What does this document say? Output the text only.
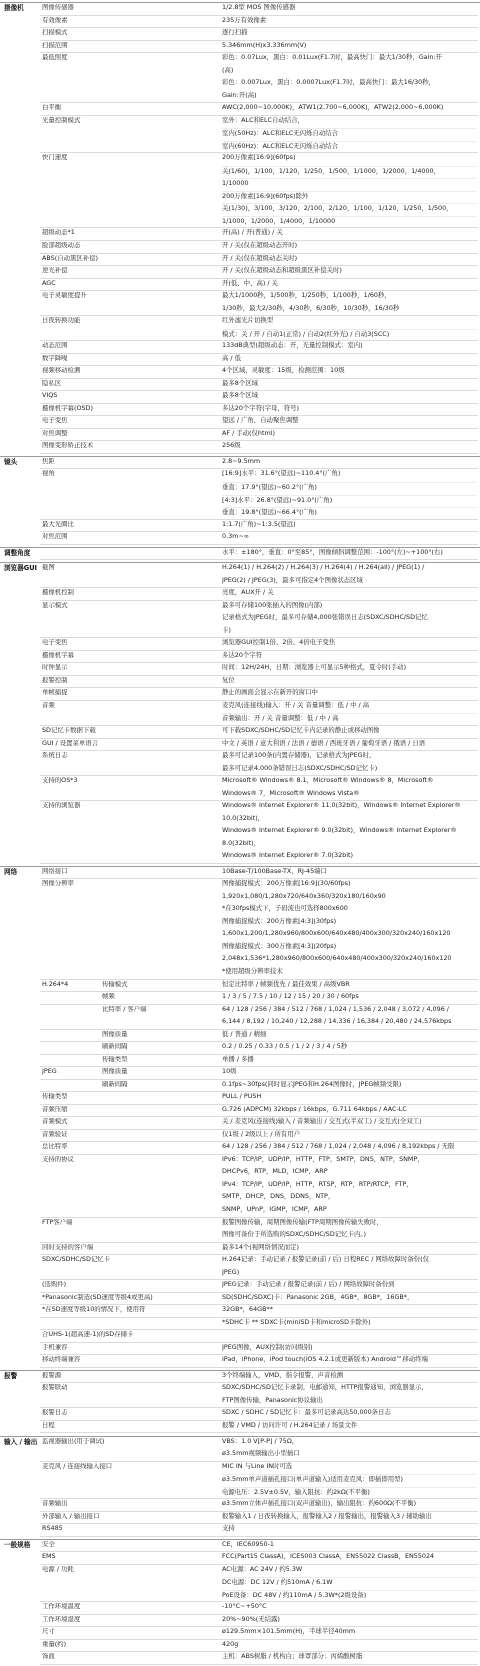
摄像机	图像传感器	1/2.8型 MOS 图像传感器
有效像素	235万有效像素
扫描模式	逐行扫描
扫描范围	5.346mm(H)x3.336mm(V)
最低照度	彩色：0.07Lux，黑白：0.01Lux(F1.7时，最高快门：最大1/30秒，Gain:开
(高)
彩色：0.007Lux，黑白：0.0007Lux(F1.7时，最高快门：最大16/30秒，
Gain:开(高)
白平衡	AWC(2,000~10,000K)，ATW1(2,700~6,000K)，ATW2(2,000~6,000K)
光量控制模式	室外：ALC和ELC自动结合，
室内(50Hz)：ALC和ELC无闪烁自动结合
室内(60Hz)：ALC和ELC无闪烁自动结合
快门速度	200万像素[16:9](60fps)
关(1/60)，1/100，1/120，1/250，1/500，1/1000，1/2000，1/4000，
1/10000
200万像素[16:9](60fps)除外
关(1/30)，3/100，3/120，2/100，2/120，1/100，1/120，1/250，1/500，
1/1000，1/2000，1/4000，1/10000
超级动态*1	开(高) / 开(普通) / 关
脸部超级动态	开 / 关(仅在超级动态开时)
ABS(自动黑区补偿)	开 / 关(仅在超级动态关时)
逆光补偿	开 / 关(仅在超级动态和超级黑区补偿关时)
AGC	开(低、中、高) / 关
电子灵敏度提升	最大1/1000秒，1/500秒，1/250秒，1/100秒，1/60秒，
1/30秒，最大2/30秒，4/30秒，6/30秒，10/30秒，16/30秒
日夜转换功能	红外滤光片切换型
模式：关 / 开 / 自动1(正常) / 自动2(红外光) / 自动3(SCC)
动态范围	133dB典型(超级动态：开，光量控制模式：室内)
数字降噪	高 / 低
视频移动检测	4个区域，灵敏度：15级，检测范围：10级
隐私区	最多8个区域
VIQS	最多8个区域
摄像机字幕(OSD)	多达20个字符(字母，符号)
电子变焦	望远 / 广角，自动聚焦调整
对焦调整	AF / 手动(仅html)
图像变形矫正技术	256级
镜头	焦距	2.8~9.5mm
视角	[16:9]水平：31.6°(望远)~110.4°(广角)
垂直：17.9°(望远)~60.2°(广角)
[4:3]水平：26.8°(望远)~91.0°(广角)
垂直：19.8°(望远)~66.4°(广角)
最大光圈比	1:1.7(广角)~1:3.5(望远)
对焦范围	0.3m~∞
调整角度	水平：±180°，垂直：0°至85°，图像倾斜调整范围：-100°(左)~+100°(右)
浏览器GUI 截图	H.264(1) / H.264(2) / H.264(3) / H.264(4) / H.264(all) / JPEG(1) /
JPEG(2) / JPEG(3)，最多可指定4个图像状态区域
摄像机控制	亮度，AUX开 / 关
显示模式	最多可存储100张插入的图像(内部)
记录格式为JPEG时，最多可存储4,000张错误日志(SDXC/SDHC/SD记忆
卡)
电子变焦	浏览器GUI控制1倍、2倍、4倍电子变焦
摄像机字幕	多达20个字符
时钟显示	时间：12H/24H，日期：浏览器上可显示5种格式，夏令时(手动)
报警控制	复位
单帧捕捉	静止的画面会显示在新开的窗口中
音频	麦克风(连接线)输入：开 / 关 音量调整：低 / 中 / 高
音频输出：开 / 关 音量调整：低 / 中 / 高
SD记忆卡数据下载	可下载SDXC/SDHC/SD记忆卡内记录的静止或移动图像
GUI / 设置菜单语言	中文 / 英语 / 意大利语 / 法语 / 德语 / 西班牙语 / 葡萄牙语 / 俄语 / 日语
系统日志	最多可记录100条(内置存储器)，记录格式为JPEG时，
最多可记录4,000条错误日志(SDXC/SDHC/SD记忆卡)
支持的OS*3	Microsoft® Windows® 8.1，Microsoft® Windows® 8，Microsoft®
Windows® 7，Microsoft® Windows Vista®
支持的浏览器	Windows® Internet Explorer® 11.0(32bit)，Windows® Internet Explorer®
10.0(32bit)，
Windows® Internet Explorer® 9.0(32bit)，Windows® Internet Explorer®
8.0(32bit)，
Windows® Internet Explorer® 7.0(32bit)
网络	网络接口	10Base-T/100Base-TX，RJ-45端口
图像分辨率	图像捕捉模式：200万像素[16:9](30/60fps)
1,920x1,080/1,280x720/640x360/320x180/160x90
*在30fps模式下，子码流也可选择800x600
图像捕捉模式：200万像素[4:3](30fps)
1,600x1,200/1,280x960/800x600/640x480/400x300/320x240/160x120
图像捕捉模式：300万像素[4:3](20fps)
2,048x1,536*1,280x960/800x600/640x480/400x300/320x240/160x120
*使用超级分辨率技术
H.264*4	传输模式	恒定比特率 / 帧频优先 / 最佳效果 / 高级VBR
帧频	1 / 3 / 5 / 7.5 / 10 / 12 / 15 / 20 / 30 / 60fps
比特率 / 客户端	64 / 128 / 256 / 384 / 512 / 768 / 1,024 / 1,536 / 2,048 / 3,072 / 4,096 /
6,144 / 8,192 / 10,240 / 12,288 / 14,336 / 16,384 / 20,480 / 24,576kbps
图像质量	低 / 普通 / 精细
刷新间隔	0.2 / 0.25 / 0.33 / 0.5 / 1 / 2 / 3 / 4 / 5秒
传输类型	单播 / 多播
JPEG	图像质量	10级
刷新间隔	0.1fps~30fps(同时显示JPEG和H.264图像时，JPEG帧频受限)
传输类型	PULL / PUSH
音频压缩	G.726 (ADPCM) 32kbps / 16kbps，G.711 64kbps / AAC-LC
音频模式	关 / 麦克风(连接线)输入 / 音频输出 / 交互式(半双工) / 交互式(全双工)
音频验证	仅1级 / 2级以上 / 所有用户
总比特率	64 / 128 / 256 / 384 / 512 / 768 / 1,024 / 2,048 / 4,096 / 8,192kbps / 无限
支持的协议	IPv6：TCP/IP，UDP/IP，HTTP，FTP，SMTP，DNS，NTP，SNMP，
DHCPv6，RTP，MLD，ICMP，ARP
IPv4：TCP/IP，UDP/IP，HTTP，RTSP，RTP，RTP/RTCP，FTP，
SMTP，DHCP，DNS，DDNS，NTP，
SNMP，UPnP，IGMP，ICMP，ARP
FTP客户端	报警图像传输，周期图像传输(FTP周期图像传输失败时，
图像可备份于所选购的SDXC/SDHC/SD记忆卡内。)
同时支持的客户端	最多14个(视网络情况而定)
SDXC/SDHC/SD记忆卡	H.264记录：手动记录 / 报警记录(前 / 后) 日程REC / 网络故障时备份(仅
JPEG)
(选购件)	JPEG记录：手动记录 / 报警记录(前 / 后) / 网络故障时备份到
*Panasonic制造(SD速度等级4或更高)	SD(SDHC/SDXC)卡：Panasonic 2GB，4GB*，8GB*，16GB*，
*在SD速度等级10的情况下，使用符	32GB*，64GB**
*SDHC卡 ** SDXC卡(miniSD卡和microSD卡除外)
合UHS-1(超高速-1)的SD存储卡
手机兼容	JPEG图像，AUX控制(访问级别)
移动终端兼容	iPad，iPhone，iPod touch(iOS 4.2.1或更新版本) Android™移动终端
报警	报警源	3个终端输入，VMD，指令报警，声音检测
报警联动	SDXC/SDHC/SD记忆卡录制，电邮通知，HTTP报警通知，浏览器显示，
FTP图像传输，Panasonic协议输出
报警日志	SDXC / SDHC / SD记忆卡：最多可记录高达50,000条日志
日程	报警 / VMD / 访问许可 / H.264记录 / 场景文件
输入 / 输出 监视器输出(用于调试)	VBS：1.0 V[P-P] / 75Ω，
ø3.5mm视频输出小型插口
麦克风 / 连接线输入接口	MIC IN 与Line IN时可选
ø3.5mm单声道插孔接口(单声道输入)适用麦克风：即插即用型)
电源电压：2.5V±0.5V，输入阻抗：约2kΩ(不平衡)
音频输出	ø3.5mm立体声插孔接口(双声道输出)，输出阻抗：约600Ω(不平衡)
外部输入 / 输出接口	报警输入1 / 日夜转换输入，报警输入2 / 报警输出，报警输入3 / 辅助输出
RS485	支持
一般规格 安全	CE，IEC60950-1
EMS	FCC(Part15 ClassA)，ICES003 ClassA，EN55022 ClassB，EN55024
电源 / 功耗	AC电源：AC 24V / 约5.3W
DC电源：DC 12V / 约510mA / 6.1W
PoE设备：DC 48V / 约110mA / 5.3W*(2级设备)
工作环境温度	-10°C~+50°C
工作环境湿度	20%~90%(无结露)
尺寸	ø129.5mm×101.5mm(H)，半球半径40mm
重量(约)	420g
饰面	主机：ABS树脂 / 机构白；球罩部分：丙烯酸树脂
